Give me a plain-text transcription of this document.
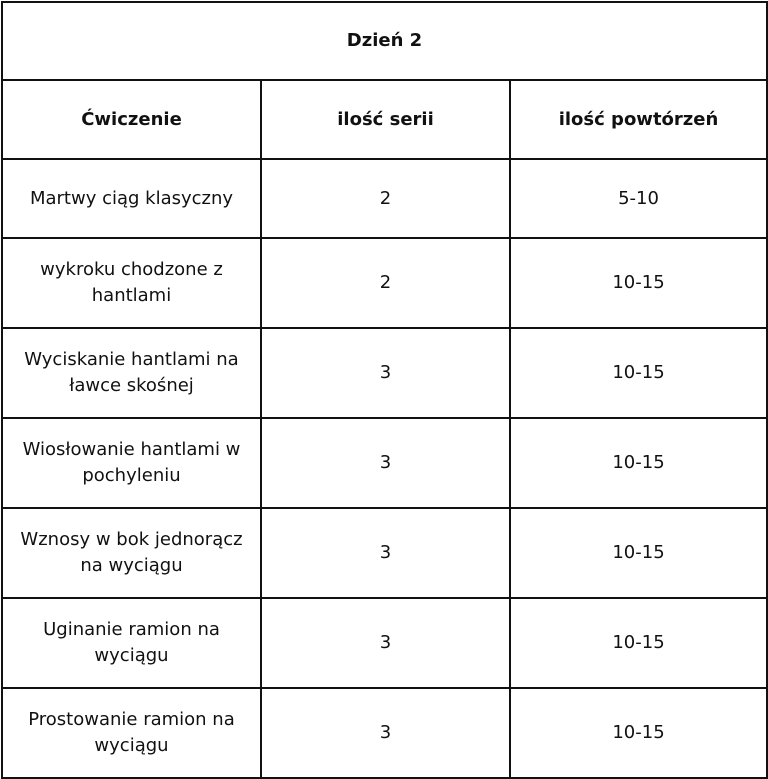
Dzień 2		
Ćwiczenie	ilość serii	ilość powtórzeń
Martwy ciąg klasyczny	2	5-10
wykroku chodzone z hantlami	2	10-15
Wyciskanie hantlami na ławce skośnej	3	10-15
Wiosłowanie hantlami w pochyleniu	3	10-15
Wznosy w bok jednorącz na wyciągu	3	10-15
Uginanie ramion na wyciągu	3	10-15
Prostowanie ramion na wyciągu	3	10-15
